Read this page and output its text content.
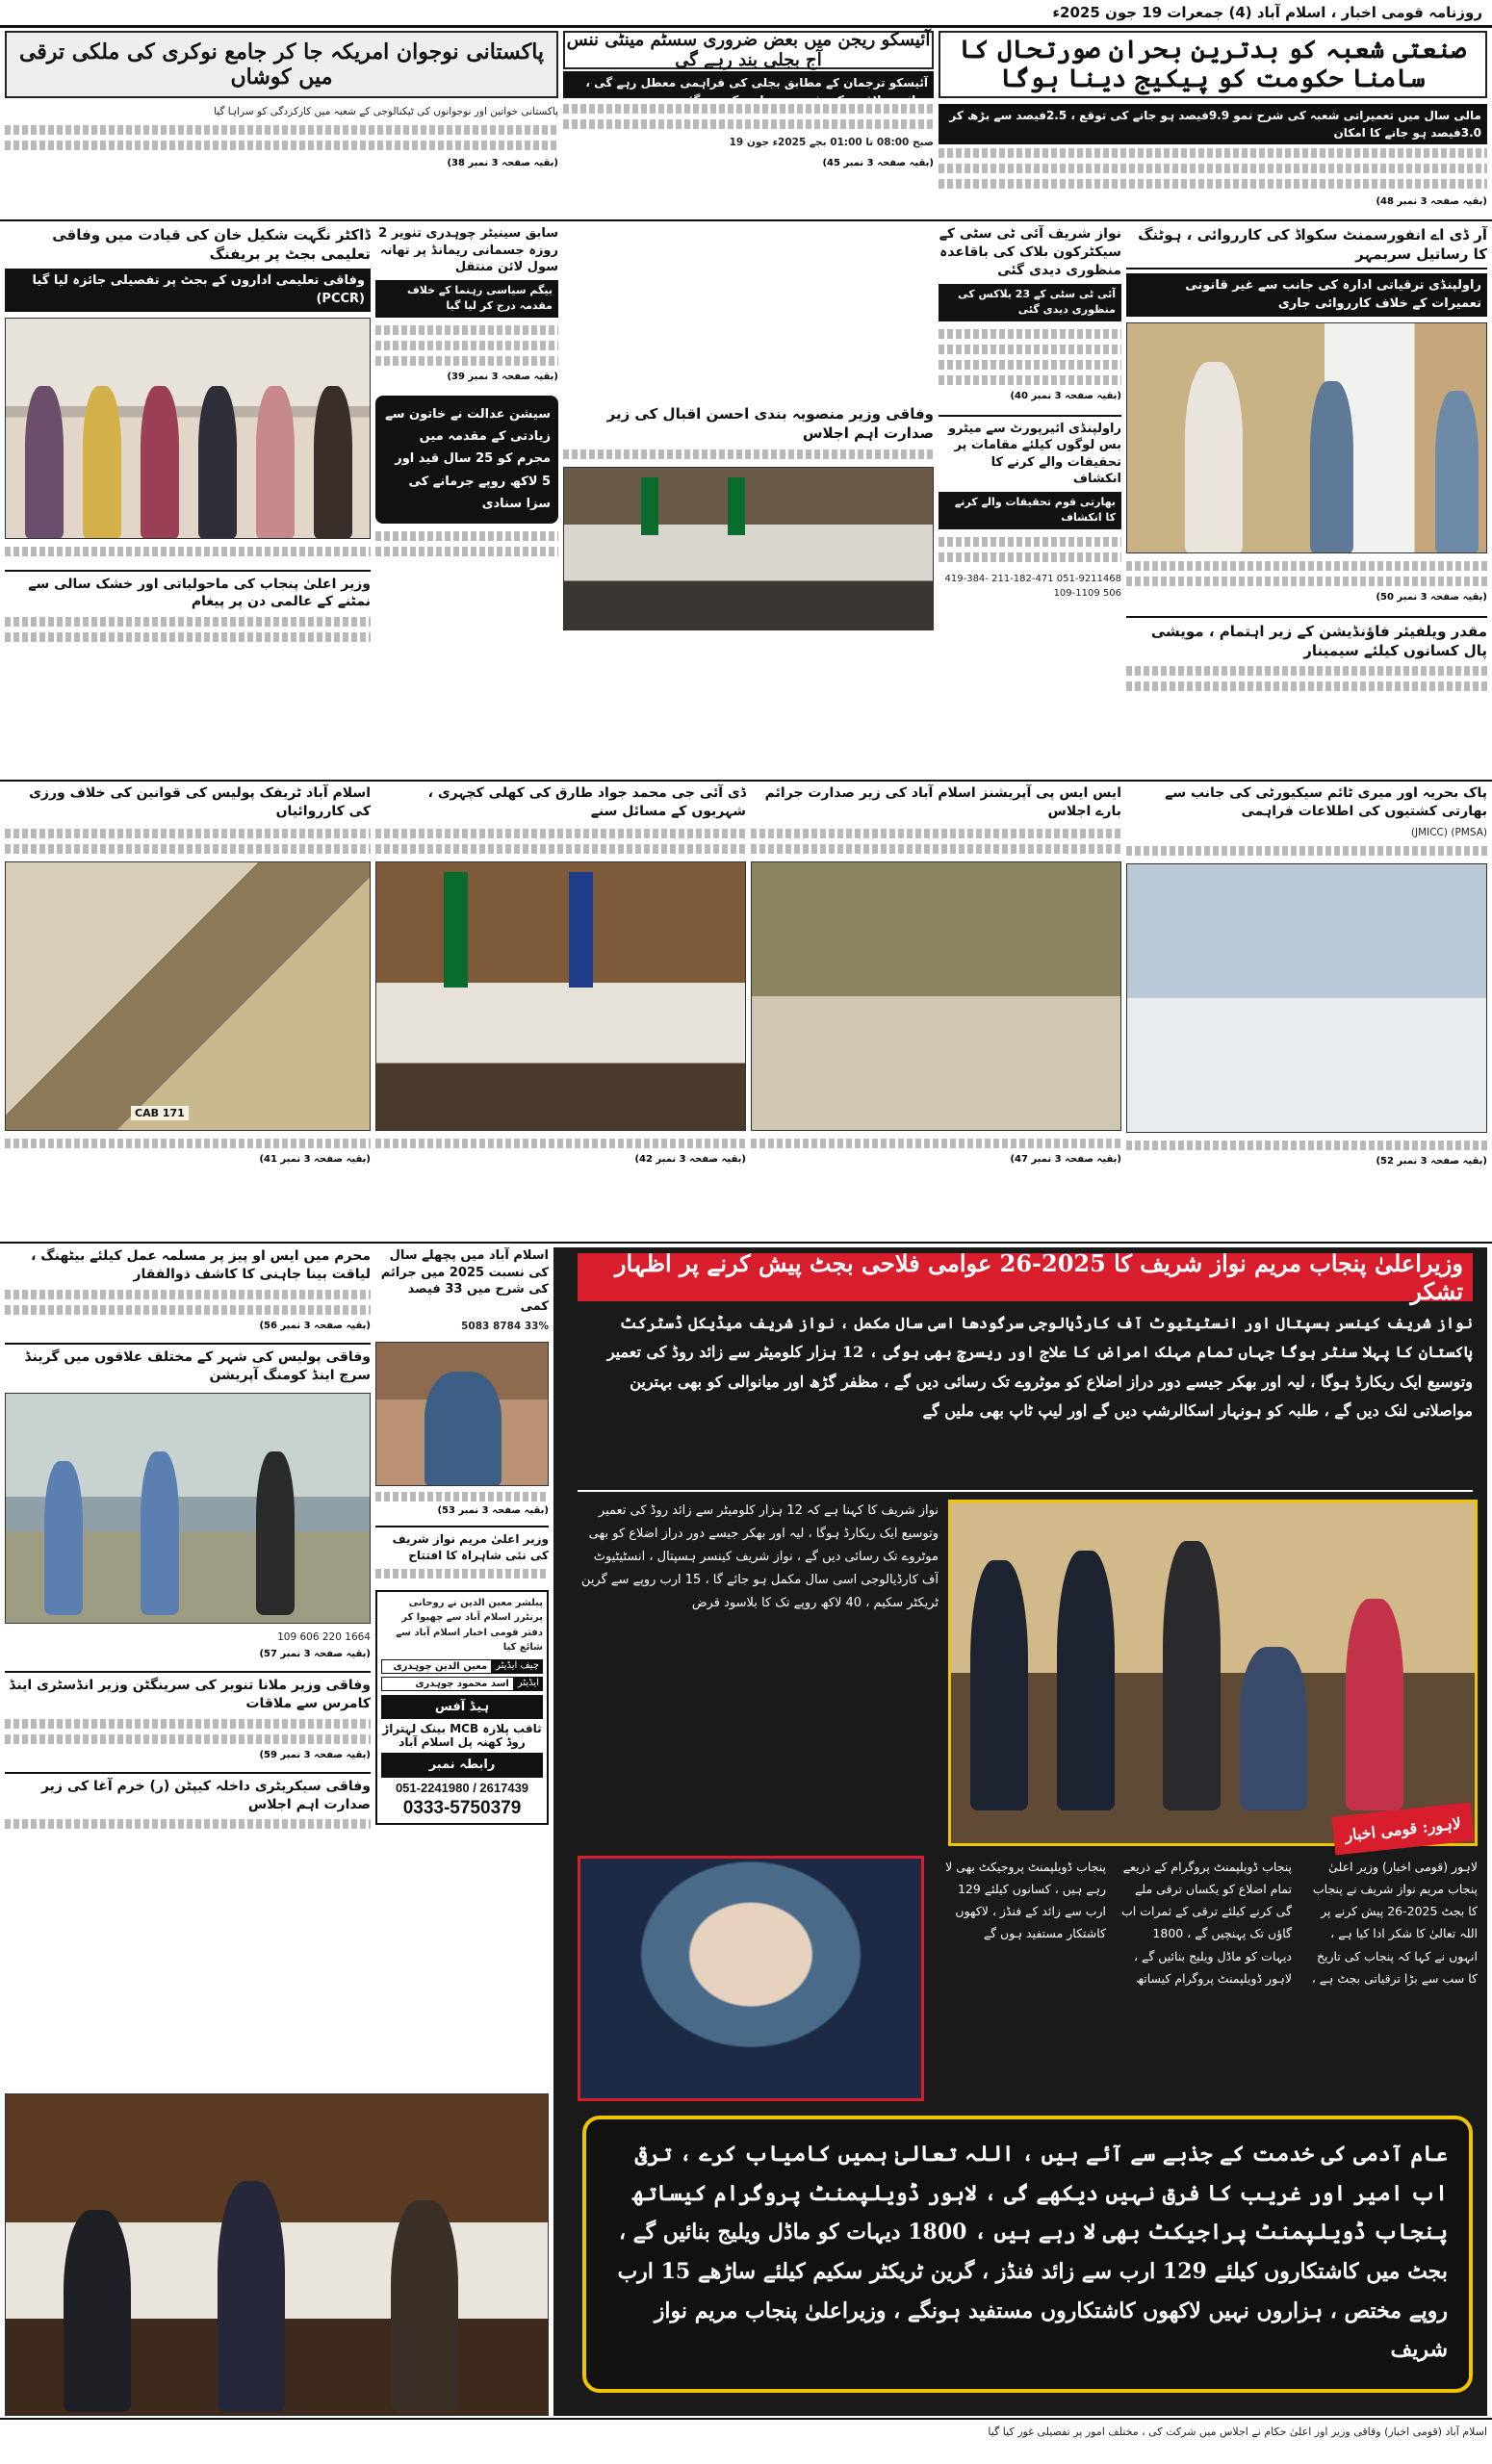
روزنامہ قومی اخبار ، اسلام آباد (4) جمعرات 19 جون 2025ء
صنعتی شعبہ کو بدترین بحران صورتحال کا سامنا حکومت کو پیکیج دینا ہوگا
آئیسکو ریجن میں بعض ضروری سسٹم مینٹی ننس آج بجلی بند رہے گی
آئیسکو ترجمان کے مطابق بجلی کی فراہمی معطل رہے گی ، متاثرہ علاقوں کی فہرست جاری کر دی گئی ہے
پاکستانی نوجوان امریکہ جا کر جامع نوکری کی ملکی ترقی میں کوشاں
مالی سال میں تعمیراتی شعبہ کی شرح نمو 9.9فیصد ہو جانے کی توقع ، 2.5فیصد سے بڑھ کر 3.0فیصد ہو جانے کا امکان
(بقیہ صفحہ 3 نمبر 48)
صبح 08:00 تا 01:00 بجے 2025ء جون 19
(بقیہ صفحہ 3 نمبر 45)
پاکستانی خواتین اور نوجوانوں کی ٹیکنالوجی کے شعبہ میں کارکردگی کو سراہا گیا
(بقیہ صفحہ 3 نمبر 38)
آر ڈی اے انفورسمنٹ سکواڈ کی کارروائی ، ہوٹنگ کا رساتیل سربمہر
راولپنڈی ترقیاتی ادارہ کی جانب سے غیر قانونی تعمیرات کے خلاف کارروائی جاری
(بقیہ صفحہ 3 نمبر 50)
مقدر ویلفیئر فاؤنڈیشن کے زیر اہتمام ، مویشی پال کسانوں کیلئے سیمینار
نواز شریف آئی ٹی سٹی کے سیکٹرکون بلاک کی باقاعدہ منظوری دیدی گئی
آئی ٹی سٹی کے 23 بلاکس کی منظوری دیدی گئی
(بقیہ صفحہ 3 نمبر 40)
راولپنڈی ائیرپورٹ سے میٹرو بس لوگوں کیلئے مقامات پر تحقیقات والے کرنے کا انکشاف
بھارتی قوم تحقیقات والے کرنے کا انکشاف
051-9211468 211-182-471 419-384-506 109-1109
وفاقی وزیر منصوبہ بندی احسن اقبال کی زیر صدارت اہم اجلاس
سابق سینیٹر چوہدری تنویر 2 روزہ جسمانی ریمانڈ پر تھانہ سول لائن منتقل
بیگم سیاسی رہنما کے خلاف مقدمہ درج کر لیا گیا
(بقیہ صفحہ 3 نمبر 39)
سیشن عدالت نے خاتون سے زیادتی کے مقدمہ میں مجرم کو 25 سال قید اور 5 لاکھ روپے جرمانے کی سزا سنادی
ڈاکٹر نگہت شکیل خان کی قیادت میں وفاقی تعلیمی بجٹ پر بریفنگ
وفاقی تعلیمی اداروں کے بجٹ پر تفصیلی جائزہ لیا گیا (PCCR)
وزیر اعلیٰ پنجاب کی ماحولیاتی اور خشک سالی سے نمٹنے کے عالمی دن پر پیغام
پاک بحریہ اور میری ٹائم سیکیورٹی کی جانب سے بھارتی کشتیوں کی اطلاعات فراہمی
(PMSA) (JMICC)
(بقیہ صفحہ 3 نمبر 52)
ایس ایس پی آپریشنز اسلام آباد کی زیر صدارت جرائم بارے اجلاس
(بقیہ صفحہ 3 نمبر 47)
ڈی آئی جی محمد جواد طارق کی کھلی کچہری ، شہریوں کے مسائل سنے
(بقیہ صفحہ 3 نمبر 42)
اسلام آباد ٹریفک پولیس کی قوانین کی خلاف ورزی کی کارروائیاں
CAB 171
(بقیہ صفحہ 3 نمبر 41)
محرم میں ایس او پیز پر مسلمہ عمل کیلئے بیٹھنگ ، لیاقت بینا جاہنی کا کاشف ذوالفقار
(بقیہ صفحہ 3 نمبر 56)
وفاقی پولیس کی شہر کے مختلف علاقوں میں گرینڈ سرچ اینڈ کومنگ آپریشن
1664 220 606 109
(بقیہ صفحہ 3 نمبر 57)
وفاقی وزیر ملانا تنویر کی سرینگٹن وزیر انڈسٹری اینڈ کامرس سے ملاقات
(بقیہ صفحہ 3 نمبر 59)
وفاقی سیکریٹری داخلہ کیپٹن (ر) خرم آغا کی زیر صدارت اہم اجلاس
اسلام آباد میں پچھلے سال کی نسبت 2025 میں جرائم کی شرح میں 33 فیصد کمی
33% 8784 5083
(بقیہ صفحہ 3 نمبر 53)
وزیر اعلیٰ مریم نواز شریف کی نئی شاہراہ کا افتتاح
پبلشر معین الدین نے روحانی پرنٹرز اسلام آباد سے چھپوا کر دفتر قومی اخبار اسلام آباد سے شائع کیا
چیف ایڈیٹر
معین الدین چوہدری
ایڈیٹر
اسد محمود چوہدری
ہیڈ آفس
ثاقب پلازہ MCB بینک لہتراڑ روڈ کھنہ پل اسلام آباد
رابطہ نمبر
051-2241980 / 2617439
0333-5750379
وزیراعلیٰ پنجاب مریم نواز شریف کا 2025-26 عوامی فلاحی بجٹ پیش کرنے پر اظہار تشکر
نواز شریف کینسر ہسپتال اور انسٹیٹیوٹ آف کارڈیالوجی سرگودھا اسی سال مکمل ، نواز شریف میڈیکل ڈسٹرکٹ پاکستان کا پہلا سنٹر ہوگا جہاں تمام مہلک امراض کا علاج اور ریسرچ بھی ہوگی ، 12 ہزار کلومیٹر سے زائد روڈ کی تعمیر وتوسیع ایک ریکارڈ ہوگا ، لیہ اور بھکر جیسے دور دراز اضلاع کو موٹروے تک رسائی دیں گے ، مظفر گڑھ اور میانوالی کو بھی بہترین مواصلاتی لنک دیں گے ، طلبہ کو ہونہار اسکالرشپ دیں گے اور لیپ ٹاپ بھی ملیں گے
لاہور: قومی اخبار
نواز شریف کا کہنا ہے کہ 12 ہزار کلومیٹر سے زائد روڈ کی تعمیر وتوسیع ایک ریکارڈ ہوگا ، لیہ اور بھکر جیسے دور دراز اضلاع کو بھی موٹروے تک رسائی دیں گے ، نواز شریف کینسر ہسپتال ، انسٹیٹیوٹ آف کارڈیالوجی اسی سال مکمل ہو جائے گا ، 15 ارب روپے سے گرین ٹریکٹر سکیم ، 40 لاکھ روپے تک کا بلاسود قرض
لاہور (قومی اخبار) وزیر اعلیٰ پنجاب مریم نواز شریف نے پنجاب کا بجٹ 2025-26 پیش کرنے پر اللہ تعالیٰ کا شکر ادا کیا ہے ، انہوں نے کہا کہ پنجاب کی تاریخ کا سب سے بڑا ترقیاتی بجٹ ہے ، پنجاب ڈویلپمنٹ پروگرام کے ذریعے تمام اضلاع کو یکساں ترقی ملے گی کرنے کیلئے ترقی کے ثمرات اب گاؤں تک پہنچیں گے ، 1800 دیہات کو ماڈل ویلیج بنائیں گے ، لاہور ڈویلپمنٹ پروگرام کیساتھ پنجاب ڈویلپمنٹ پروجیکٹ بھی لا رہے ہیں ، کسانوں کیلئے 129 ارب سے زائد کے فنڈز ، لاکھوں کاشتکار مستفید ہوں گے
عام آدمی کی خدمت کے جذبے سے آئے ہیں ، اللہ تعالیٰ ہمیں کامیاب کرے ، ترقی اب امیر اور غریب کا فرق نہیں دیکھے گی ، لاہور ڈویلپمنٹ پروگرام کیساتھ پنجاب ڈویلپمنٹ پراجیکٹ بھی لا رہے ہیں ، 1800 دیہات کو ماڈل ویلیج بنائیں گے ، بجٹ میں کاشتکاروں کیلئے 129 ارب سے زائد فنڈز ، گرین ٹریکٹر سکیم کیلئے ساڑھے 15 ارب روپے مختص ، ہزاروں نہیں لاکھوں کاشتکاروں مستفید ہونگے ، وزیراعلیٰ پنجاب مریم نواز شریف
اسلام آباد (قومی اخبار) وفاقی وزیر اور اعلیٰ حکام نے اجلاس میں شرکت کی ، مختلف امور پر تفصیلی غور کیا گیا
